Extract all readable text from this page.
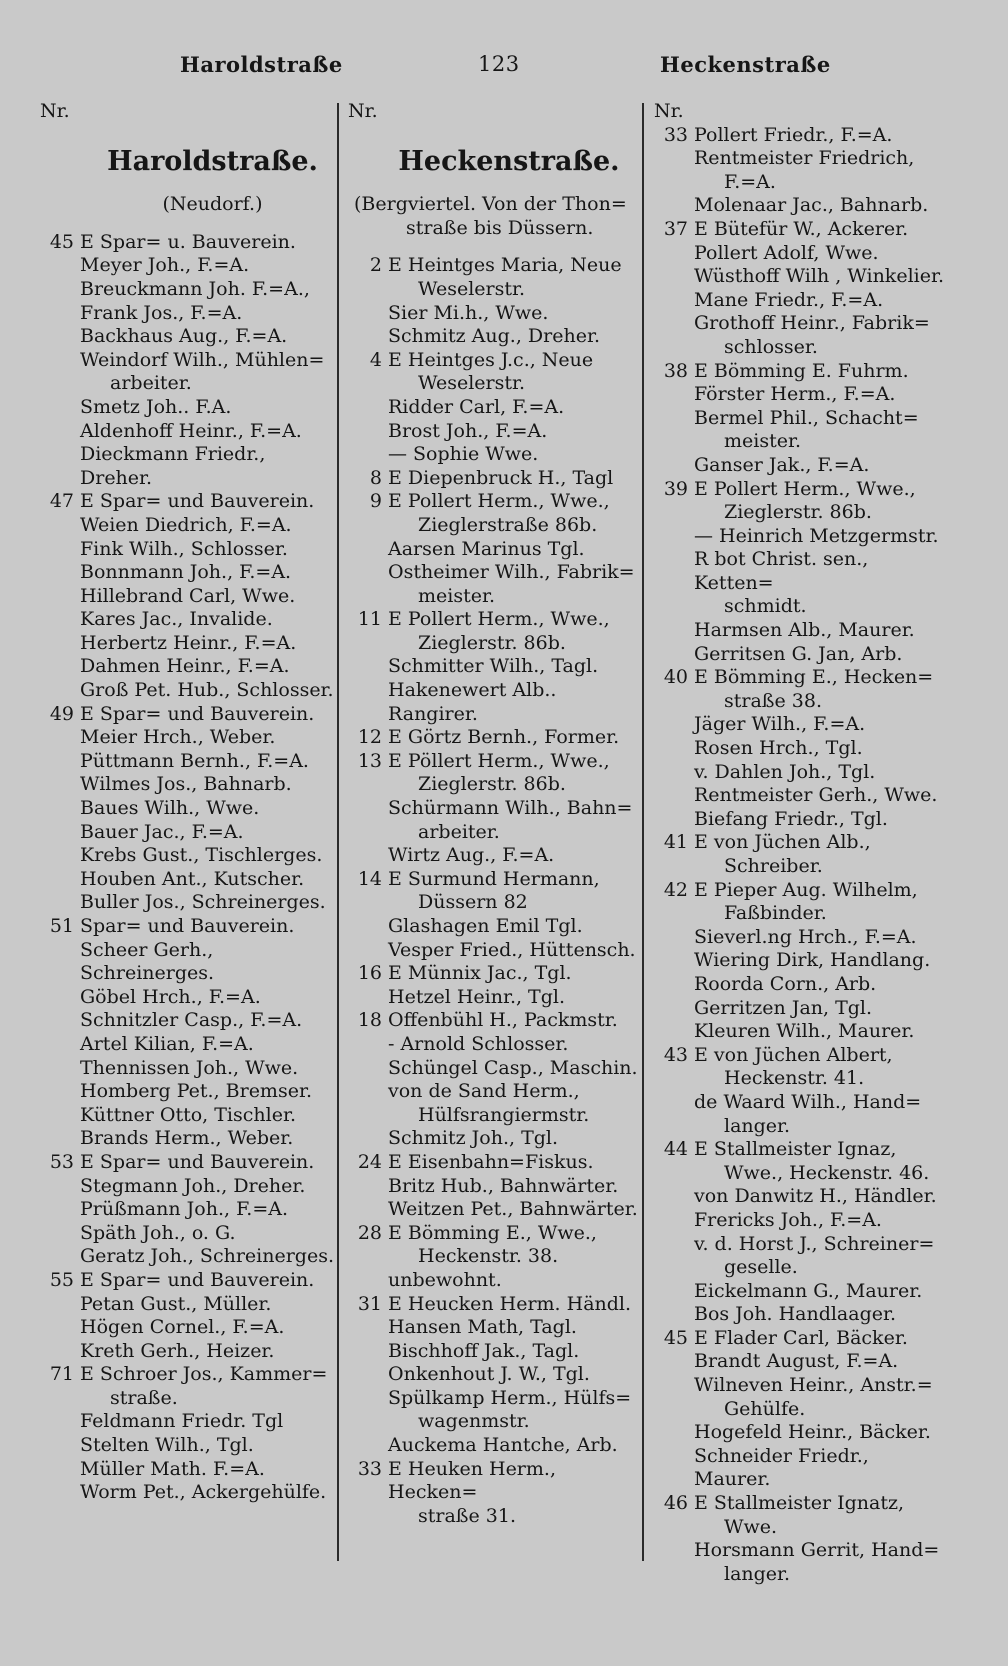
Haroldstraße	123	Heckenstraße
Nr.
Haroldstraße.
(Neudorf.)
45 E Spar= u. Bauverein.
Meyer Joh., F.=A.
Breuckmann Joh. F.=A.,
Frank Jos., F.=A.
Backhaus Aug., F.=A.
Weindorf Wilh., Mühlen=
arbeiter.
Smetz Joh.. F.A.
Aldenhoff Heinr., F.=A.
Dieckmann Friedr., Dreher.
47 E Spar= und Bauverein.
Weien Diedrich, F.=A.
Fink Wilh., Schlosser.
Bonnmann Joh., F.=A.
Hillebrand Carl, Wwe.
Kares Jac., Invalide.
Herbertz Heinr., F.=A.
Dahmen Heinr., F.=A.
Groß Pet. Hub., Schlosser.
49 E Spar= und Bauverein.
Meier Hrch., Weber.
Püttmann Bernh., F.=A.
Wilmes Jos., Bahnarb.
Baues Wilh., Wwe.
Bauer Jac., F.=A.
Krebs Gust., Tischlerges.
Houben Ant., Kutscher.
Buller Jos., Schreinerges.
51 Spar= und Bauverein.
Scheer Gerh., Schreinerges.
Göbel Hrch., F.=A.
Schnitzler Casp., F.=A.
Artel Kilian, F.=A.
Thennissen Joh., Wwe.
Homberg Pet., Bremser.
Küttner Otto, Tischler.
Brands Herm., Weber.
53 E Spar= und Bauverein.
Stegmann Joh., Dreher.
Prüßmann Joh., F.=A.
Späth Joh., o. G.
Geratz Joh., Schreinerges.
55 E Spar= und Bauverein.
Petan Gust., Müller.
Högen Cornel., F.=A.
Kreth Gerh., Heizer.
71 E Schroer Jos., Kammer=
straße.
Feldmann Friedr. Tgl
Stelten Wilh., Tgl.
Müller Math. F.=A.
Worm Pet., Ackergehülfe.
Nr.
Heckenstraße.
(Bergviertel. Von der Thon=
straße bis Düssern.
2 E Heintges Maria, Neue
Weselerstr.
Sier Mi.h., Wwe.
Schmitz Aug., Dreher.
4 E Heintges J.c., Neue
Weselerstr.
Ridder Carl, F.=A.
Brost Joh., F.=A.
— Sophie Wwe.
8 E Diepenbruck H., Tagl
9 E Pollert Herm., Wwe.,
Zieglerstraße 86b.
Aarsen Marinus Tgl.
Ostheimer Wilh., Fabrik=
meister.
11 E Pollert Herm., Wwe.,
Zieglerstr. 86b.
Schmitter Wilh., Tagl.
Hakenewert Alb.. Rangirer.
12 E Görtz Bernh., Former.
13 E Pöllert Herm., Wwe.,
Zieglerstr. 86b.
Schürmann Wilh., Bahn=
arbeiter.
Wirtz Aug., F.=A.
14 E Surmund Hermann,
Düssern 82
Glashagen Emil Tgl.
Vesper Fried., Hüttensch.
16 E Münnix Jac., Tgl.
Hetzel Heinr., Tgl.
18 Offenbühl H., Packmstr.
- Arnold Schlosser.
Schüngel Casp., Maschin.
von de Sand Herm.,
Hülfsrangiermstr.
Schmitz Joh., Tgl.
24 E Eisenbahn=Fiskus.
Britz Hub., Bahnwärter.
Weitzen Pet., Bahnwärter.
28 E Bömming E., Wwe.,
Heckenstr. 38.
unbewohnt.
31 E Heucken Herm. Händl.
Hansen Math, Tagl.
Bischhoff Jak., Tagl.
Onkenhout J. W., Tgl.
Spülkamp Herm., Hülfs=
wagenmstr.
Auckema Hantche, Arb.
33 E Heuken Herm., Hecken=
straße 31.
Nr.
33 Pollert Friedr., F.=A.
Rentmeister Friedrich,
F.=A.
Molenaar Jac., Bahnarb.
37 E Bütefür W., Ackerer.
Pollert Adolf, Wwe.
Wüsthoff Wilh , Winkelier.
Mane Friedr., F.=A.
Grothoff Heinr., Fabrik=
schlosser.
38 E Bömming E. Fuhrm.
Förster Herm., F.=A.
Bermel Phil., Schacht=
meister.
Ganser Jak., F.=A.
39 E Pollert Herm., Wwe.,
Zieglerstr. 86b.
— Heinrich Metzgermstr.
R bot Christ. sen., Ketten=
schmidt.
Harmsen Alb., Maurer.
Gerritsen G. Jan, Arb.
40 E Bömming E., Hecken=
straße 38.
Jäger Wilh., F.=A.
Rosen Hrch., Tgl.
v. Dahlen Joh., Tgl.
Rentmeister Gerh., Wwe.
Biefang Friedr., Tgl.
41 E von Jüchen Alb.,
Schreiber.
42 E Pieper Aug. Wilhelm,
Faßbinder.
Sieverl.ng Hrch., F.=A.
Wiering Dirk, Handlang.
Roorda Corn., Arb.
Gerritzen Jan, Tgl.
Kleuren Wilh., Maurer.
43 E von Jüchen Albert,
Heckenstr. 41.
de Waard Wilh., Hand=
langer.
44 E Stallmeister Ignaz,
Wwe., Heckenstr. 46.
von Danwitz H., Händler.
Frericks Joh., F.=A.
v. d. Horst J., Schreiner=
geselle.
Eickelmann G., Maurer.
Bos Joh. Handlaager.
45 E Flader Carl, Bäcker.
Brandt August, F.=A.
Wilneven Heinr., Anstr.=
Gehülfe.
Hogefeld Heinr., Bäcker.
Schneider Friedr., Maurer.
46 E Stallmeister Ignatz,
Wwe.
Horsmann Gerrit, Hand=
langer.
